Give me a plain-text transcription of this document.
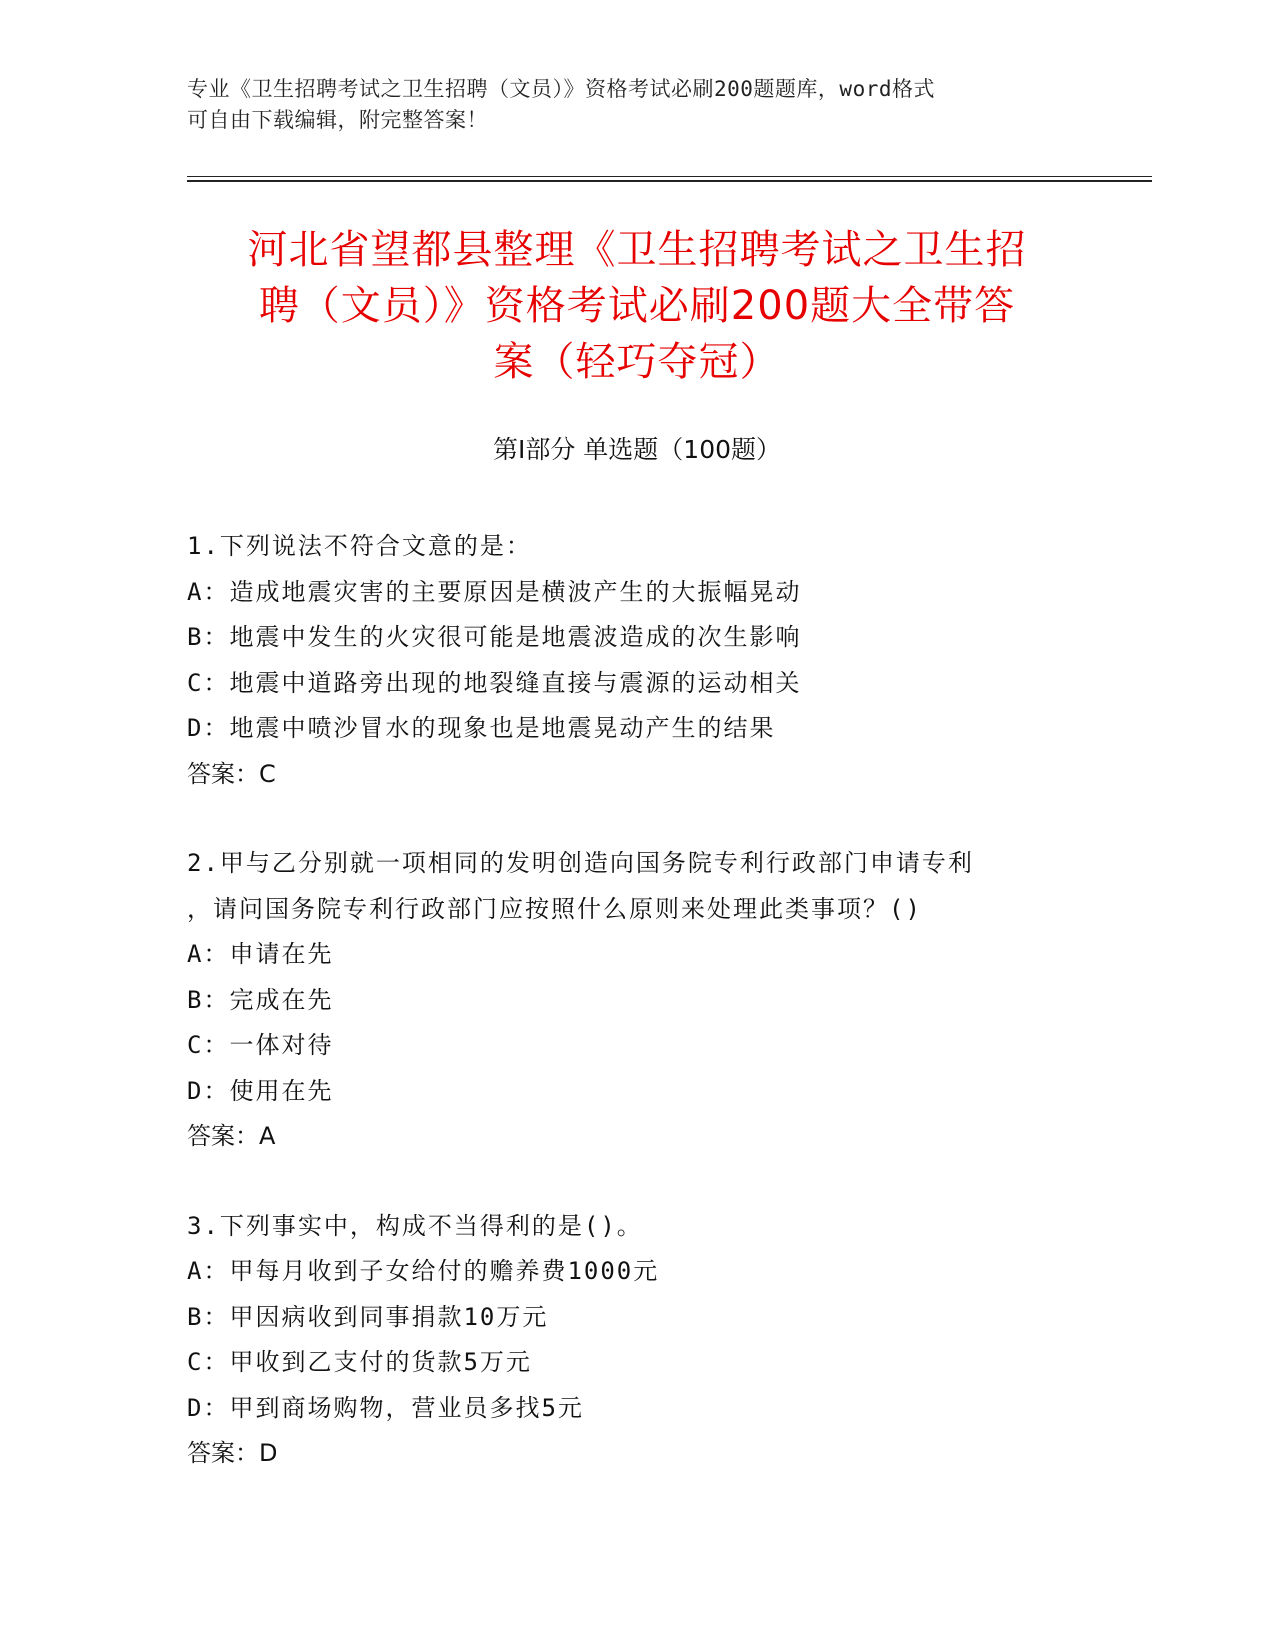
专业《卫生招聘考试之卫生招聘（文员）》资格考试必刷200题题库，word格式
可自由下载编辑，附完整答案！
河北省望都县整理《卫生招聘考试之卫生招
聘（文员）》资格考试必刷200题大全带答
案（轻巧夺冠）
第Ⅰ部分 单选题（100题）
1.下列说法不符合文意的是：
A：造成地震灾害的主要原因是横波产生的大振幅晃动
B：地震中发生的火灾很可能是地震波造成的次生影响
C：地震中道路旁出现的地裂缝直接与震源的运动相关
D：地震中喷沙冒水的现象也是地震晃动产生的结果
答案：C
2.甲与乙分别就一项相同的发明创造向国务院专利行政部门申请专利
，请问国务院专利行政部门应按照什么原则来处理此类事项？()
A：申请在先
B：完成在先
C：一体对待
D：使用在先
答案：A
3.下列事实中，构成不当得利的是()。
A：甲每月收到子女给付的赡养费1000元
B：甲因病收到同事捐款10万元
C：甲收到乙支付的货款5万元
D：甲到商场购物，营业员多找5元
答案：D
